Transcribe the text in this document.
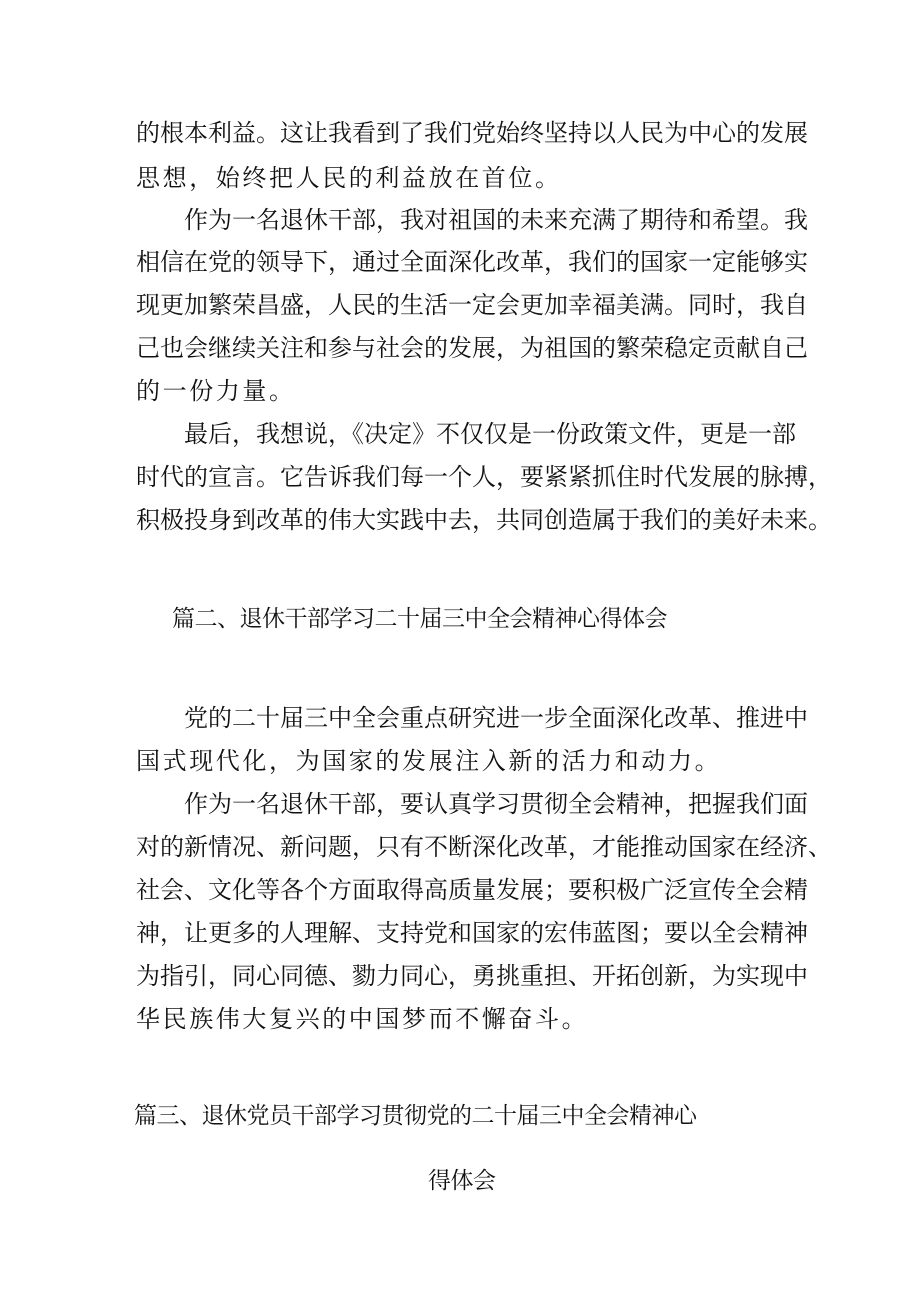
的根本利益。这让我看到了我们党始终坚持以人民为中心的发展
思想，始终把人民的利益放在首位。
作为一名退休干部，我对祖国的未来充满了期待和希望。我
相信在党的领导下，通过全面深化改革，我们的国家一定能够实
现更加繁荣昌盛，人民的生活一定会更加幸福美满。同时，我自
己也会继续关注和参与社会的发展，为祖国的繁荣稳定贡献自己
的一份力量。
最后，我想说，《决定》不仅仅是一份政策文件，更是一部
时代的宣言。它告诉我们每一个人，要紧紧抓住时代发展的脉搏，
积极投身到改革的伟大实践中去，共同创造属于我们的美好未来。
篇二、退休干部学习二十届三中全会精神心得体会
党的二十届三中全会重点研究进一步全面深化改革、推进中
国式现代化，为国家的发展注入新的活力和动力。
作为一名退休干部，要认真学习贯彻全会精神，把握我们面
对的新情况、新问题，只有不断深化改革，才能推动国家在经济、
社会、文化等各个方面取得高质量发展；要积极广泛宣传全会精
神，让更多的人理解、支持党和国家的宏伟蓝图；要以全会精神
为指引，同心同德、勠力同心，勇挑重担、开拓创新，为实现中
华民族伟大复兴的中国梦而不懈奋斗。
篇三、退休党员干部学习贯彻党的二十届三中全会精神心
得体会
